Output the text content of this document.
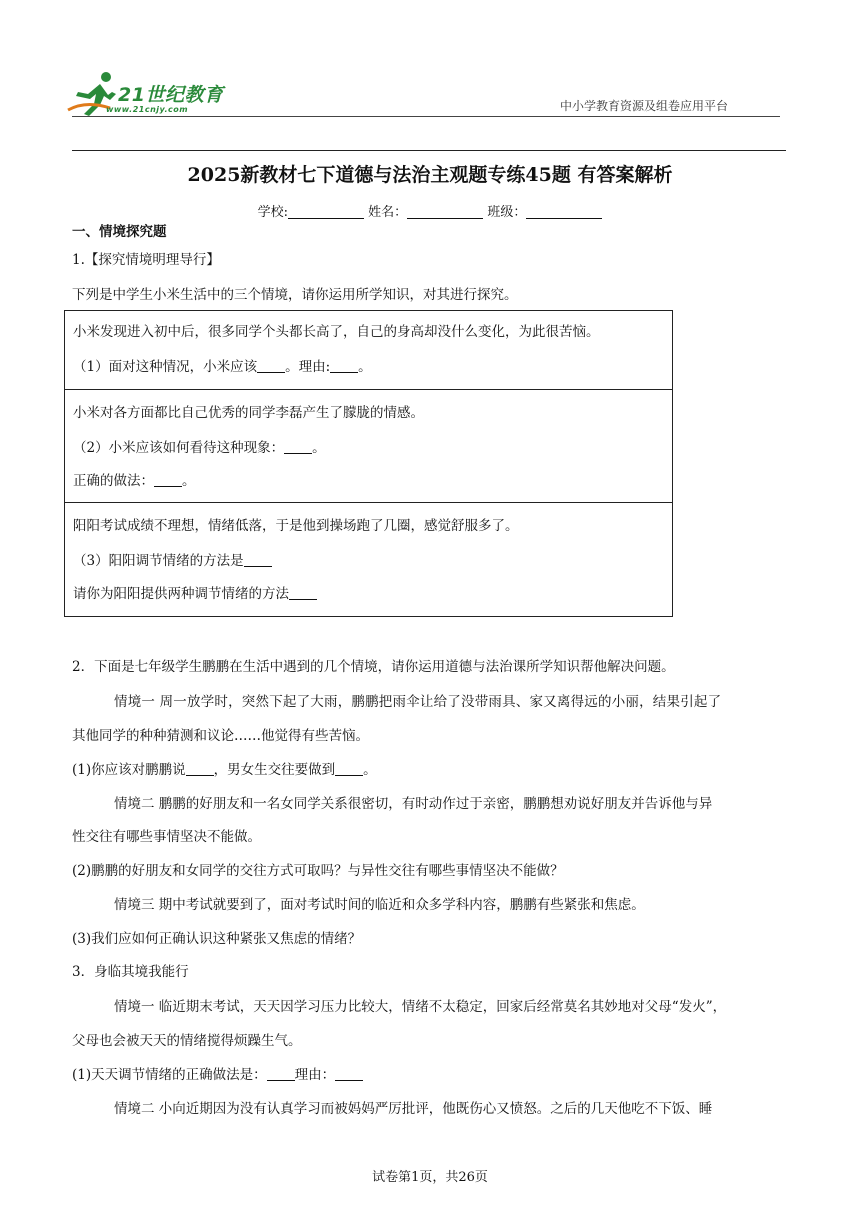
21世纪教育
www.21cnjy.com	中小学教育资源及组卷应用平台
2025新教材七下道德与法治主观题专练45题 有答案解析
学校:	姓名：	班级：
一、情境探究题
1.【探究情境明理导行】
下列是中学生小米生活中的三个情境，请你运用所学知识，对其进行探究。
小米发现进入初中后，很多同学个头都长高了，自己的身高却没什么变化，为此很苦恼。
（1）面对这种情况，小米应该 。理由: 。
小米对各方面都比自己优秀的同学李磊产生了朦胧的情感。
（2）小米应该如何看待这种现象： 。
正确的做法： 。
阳阳考试成绩不理想，情绪低落，于是他到操场跑了几圈，感觉舒服多了。
（3）阳阳调节情绪的方法是
请你为阳阳提供两种调节情绪的方法
2．下面是七年级学生鹏鹏在生活中遇到的几个情境，请你运用道德与法治课所学知识帮他解决问题。
情境一 周一放学时，突然下起了大雨，鹏鹏把雨伞让给了没带雨具、家又离得远的小丽，结果引起了
其他同学的种种猜测和议论……他觉得有些苦恼。
(1)你应该对鹏鹏说 ，男女生交往要做到 。
情境二 鹏鹏的好朋友和一名女同学关系很密切，有时动作过于亲密，鹏鹏想劝说好朋友并告诉他与异
性交往有哪些事情坚决不能做。
(2)鹏鹏的好朋友和女同学的交往方式可取吗？与异性交往有哪些事情坚决不能做？
情境三 期中考试就要到了，面对考试时间的临近和众多学科内容，鹏鹏有些紧张和焦虑。
(3)我们应如何正确认识这种紧张又焦虑的情绪？
3．身临其境我能行
情境一 临近期末考试，天天因学习压力比较大，情绪不太稳定，回家后经常莫名其妙地对父母“发火”，
父母也会被天天的情绪搅得烦躁生气。
(1)天天调节情绪的正确做法是： 理由：
情境二 小向近期因为没有认真学习而被妈妈严厉批评，他既伤心又愤怒。之后的几天他吃不下饭、睡
试卷第1页，共26页
